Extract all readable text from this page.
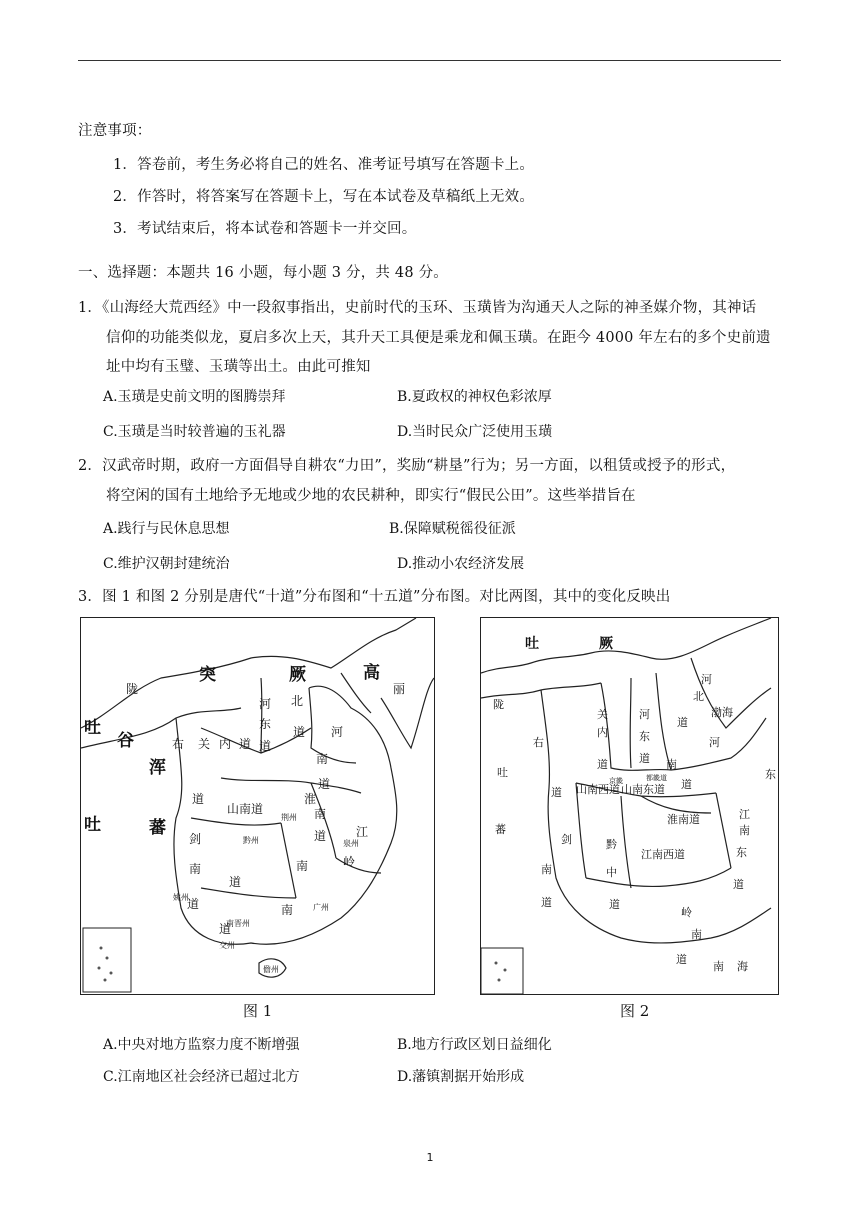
注意事项：
1．答卷前，考生务必将自己的姓名、准考证号填写在答题卡上。
2．作答时，将答案写在答题卡上，写在本试卷及草稿纸上无效。
3．考试结束后，将本试卷和答题卡一并交回。
一、选择题：本题共 16 小题，每小题 3 分，共 48 分。
1．《山海经大荒西经》中一段叙事指出，史前时代的玉环、玉璜皆为沟通天人之际的神圣媒介物，其神话
信仰的功能类似龙，夏启多次上天，其升天工具便是乘龙和佩玉璜。在距今 4000 年左右的多个史前遗
址中均有玉璧、玉璜等出土。由此可推知
A.玉璜是史前文明的图腾崇拜	B.夏政权的神权色彩浓厚
C.玉璜是当时较普遍的玉礼器	D.当时民众广泛使用玉璜
2．汉武帝时期，政府一方面倡导自耕农“力田”，奖励“耕垦”行为；另一方面，以租赁或授予的形式，
将空闲的国有土地给予无地或少地的农民耕种，即实行“假民公田”。这些举措旨在
A.践行与民休息思想	B.保障赋税徭役征派
C.维护汉朝封建统治	D.推动小农经济发展
3．图 1 和图 2 分别是唐代“十道”分布图和“十五道”分布图。对比两图，其中的变化反映出
突	厥	高
吐
谷
浑
吐	蕃
丽
陇
右 关 内 道
河
东
道
北
道 河
南
道
道
山南道
淮
南
道
剑
南
道
江
南
道
岭
南
道
荆州
黔州	泉州
姚州
广州
南晋州
交州
儋州
图 1
吐	厥
陇
右
吐
蕃
道
关
内
道
河
东
道
河
北
道
渤海
河
南
道
东
江
南
东
道
山南西道 山南东道
淮南道
江南西道
黔
中
道
剑
南
道
岭
南
道
南 海
京畿	都畿道
图 2
A.中央对地方监察力度不断增强	B.地方行政区划日益细化
C.江南地区社会经济已超过北方	D.藩镇割据开始形成
1
